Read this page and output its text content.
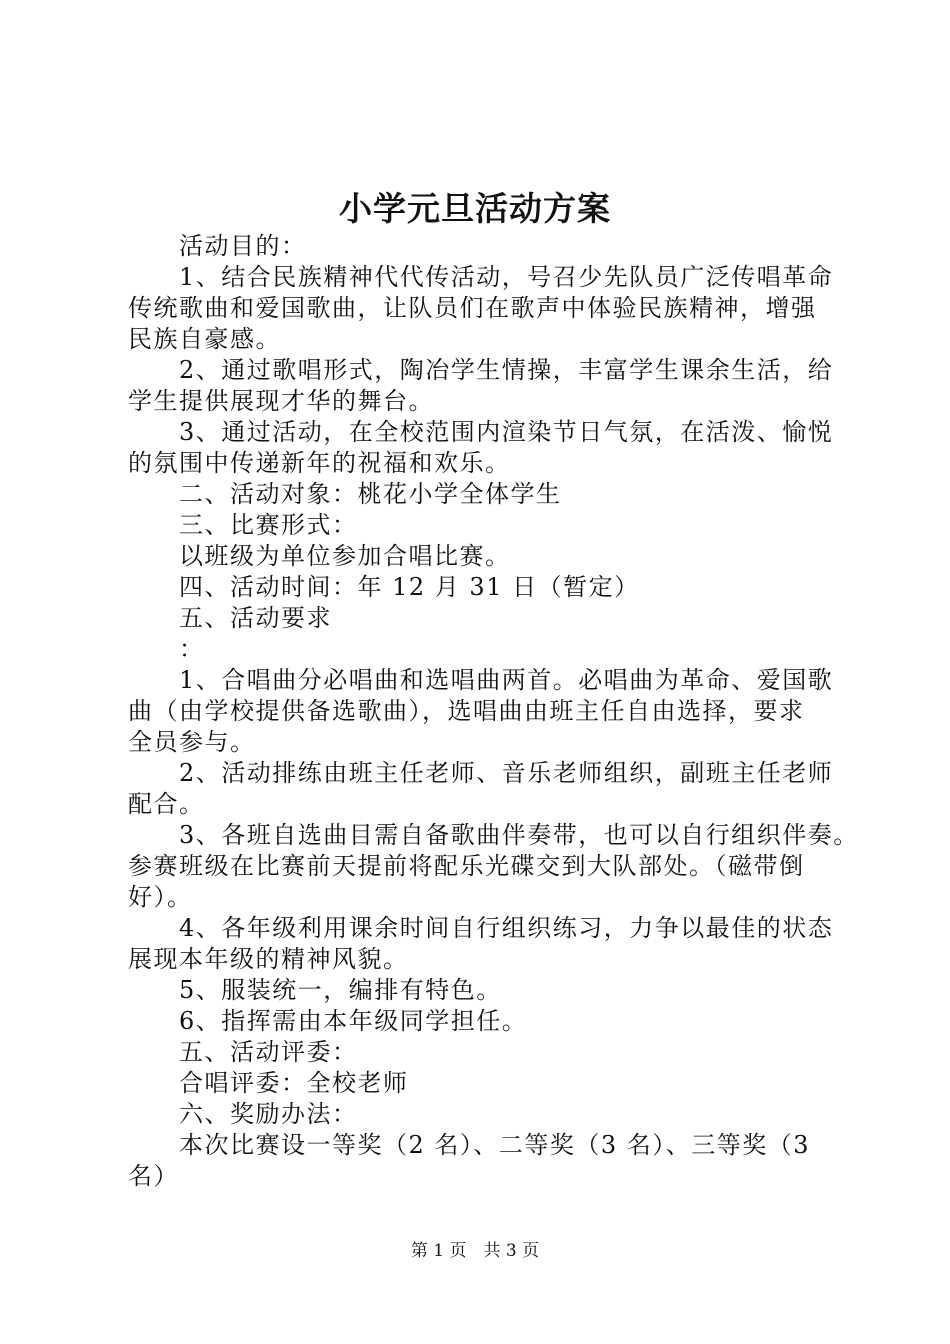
小学元旦活动方案

　　活动目的：

　　1、结合民族精神代代传活动，号召少先队员广泛传唱革命

传统歌曲和爱国歌曲，让队员们在歌声中体验民族精神，增强

民族自豪感。

　　2、通过歌唱形式，陶冶学生情操，丰富学生课余生活，给

学生提供展现才华的舞台。

　　3、通过活动，在全校范围内渲染节日气氛，在活泼、愉悦

的氛围中传递新年的祝福和欢乐。

　　二、活动对象：桃花小学全体学生

　　三、比赛形式：

　　以班级为单位参加合唱比赛。

　　四、活动时间：年 12 月 31 日（暂定）

　　五、活动要求

　　：

　　1、合唱曲分必唱曲和选唱曲两首。必唱曲为革命、爱国歌

曲（由学校提供备选歌曲），选唱曲由班主任自由选择，要求

全员参与。

　　2、活动排练由班主任老师、音乐老师组织，副班主任老师

配合。

　　3、各班自选曲目需自备歌曲伴奏带，也可以自行组织伴奏。

参赛班级在比赛前天提前将配乐光碟交到大队部处。（磁带倒

好）。

　　4、各年级利用课余时间自行组织练习，力争以最佳的状态

展现本年级的精神风貌。

　　5、服装统一，编排有特色。

　　6、指挥需由本年级同学担任。

　　五、活动评委：

　　合唱评委：全校老师

　　六、奖励办法：

　　本次比赛设一等奖（2 名）、二等奖（3 名）、三等奖（3

名）

第 1 页　共 3 页
